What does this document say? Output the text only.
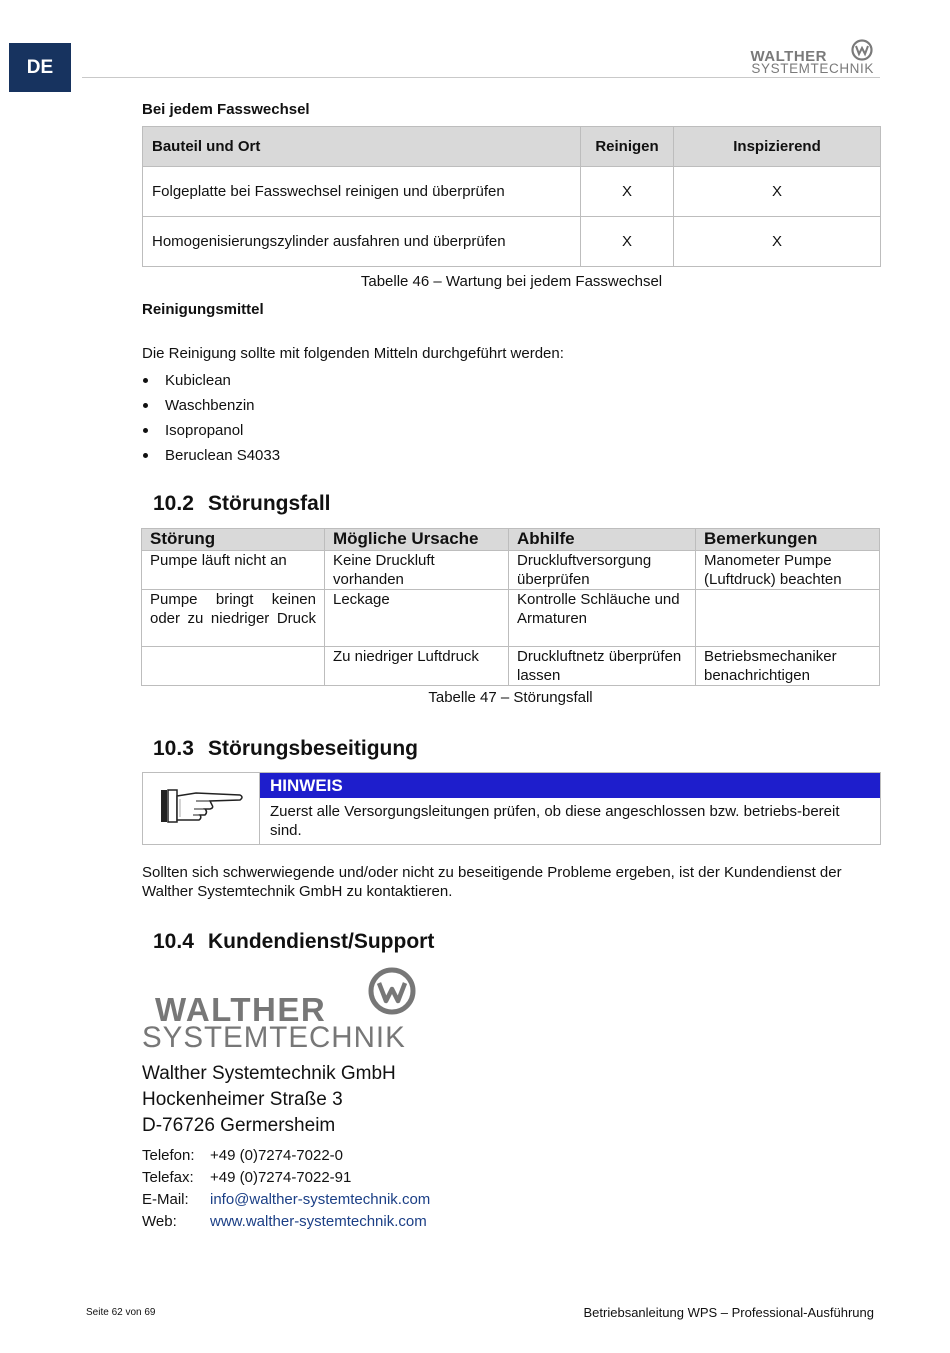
DE	WALTHER
SYSTEMTECHNIK
Bei jedem Fasswechsel
Bauteil und Ort	Reinigen	Inspizierend
Folgeplatte bei Fasswechsel reinigen und überprüfen	X	X
Homogenisierungszylinder ausfahren und überprüfen	X	X
Tabelle 46 – Wartung bei jedem Fasswechsel
Reinigungsmittel
Die Reinigung sollte mit folgenden Mitteln durchgeführt werden:
Kubiclean
Waschbenzin
Isopropanol
Beruclean S4033
10.2 Störungsfall
Störung	Mögliche Ursache	Abhilfe	Bemerkungen
Pumpe läuft nicht an	Keine Druckluft vorhanden	Druckluftversorgung überprüfen	Manometer Pumpe (Luftdruck) beachten
Pumpe bringt keinen oder zu niedriger Druck	Leckage	Kontrolle Schläuche und Armaturen	
	Zu niedriger Luftdruck	Druckluftnetz überprüfen lassen	Betriebsmechaniker benachrichtigen
Tabelle 47 – Störungsfall
10.3 Störungsbeseitigung
HINWEIS
Zuerst alle Versorgungsleitungen prüfen, ob diese angeschlossen bzw. betriebs-bereit sind.
Sollten sich schwerwiegende und/oder nicht zu beseitigende Probleme ergeben, ist der Kundendienst der Walther Systemtechnik GmbH zu kontaktieren.
10.4 Kundendienst/Support
WALTHER
SYSTEMTECHNIK
Walther Systemtechnik GmbH
Hockenheimer Straße 3
D-76726 Germersheim
Telefon:	+49 (0)7274-7022-0
Telefax:	+49 (0)7274-7022-91
E-Mail:	info@walther-systemtechnik.com
Web:	www.walther-systemtechnik.com
Seite 62 von 69	Betriebsanleitung WPS – Professional-Ausführung
